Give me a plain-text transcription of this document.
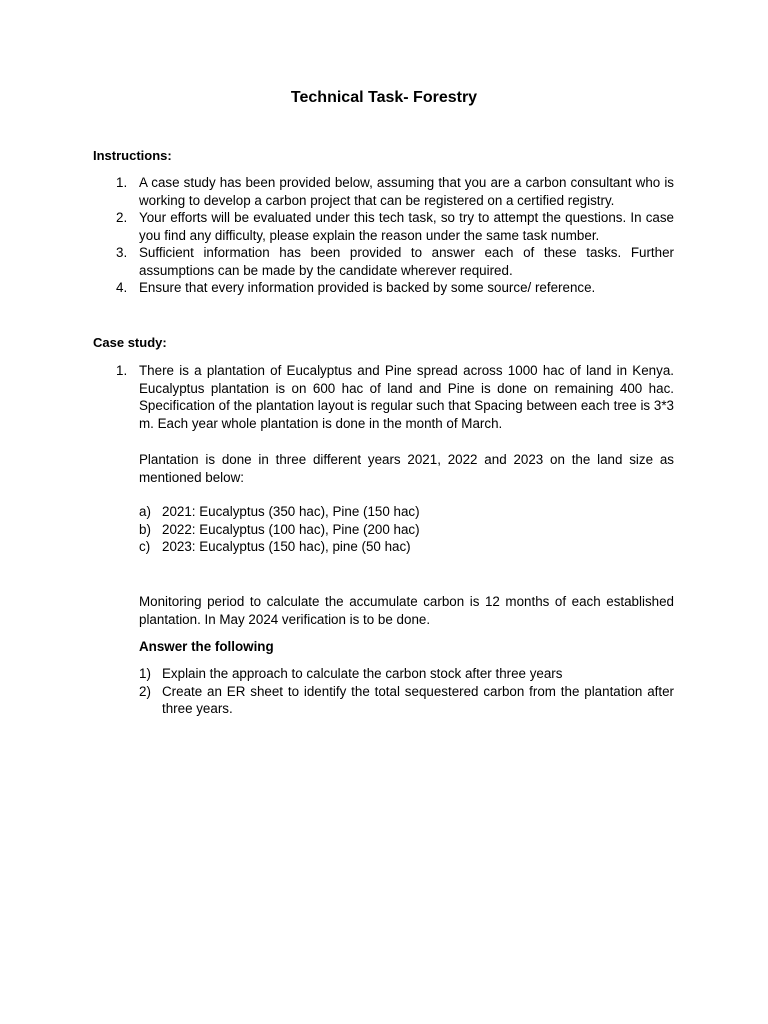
Technical Task- Forestry
Instructions:
1. A case study has been provided below, assuming that you are a carbon consultant who is working to develop a carbon project that can be registered on a certified registry.
2. Your efforts will be evaluated under this tech task, so try to attempt the questions. In case you find any difficulty, please explain the reason under the same task number.
3. Sufficient information has been provided to answer each of these tasks. Further assumptions can be made by the candidate wherever required.
4. Ensure that every information provided is backed by some source/ reference.
Case study:
1. There is a plantation of Eucalyptus and Pine spread across 1000 hac of land in Kenya. Eucalyptus plantation is on 600 hac of land and Pine is done on remaining 400 hac. Specification of the plantation layout is regular such that Spacing between each tree is 3*3 m. Each year whole plantation is done in the month of March.

Plantation is done in three different years 2021, 2022 and 2023 on the land size as mentioned below:

a) 2021: Eucalyptus (350 hac), Pine (150 hac)
b) 2022: Eucalyptus (100 hac), Pine (200 hac)
c) 2023: Eucalyptus (150 hac), pine (50 hac)

Monitoring period to calculate the accumulate carbon is 12 months of each established plantation. In May 2024 verification is to be done.

Answer the following

1) Explain the approach to calculate the carbon stock after three years
2) Create an ER sheet to identify the total sequestered carbon from the plantation after three years.
